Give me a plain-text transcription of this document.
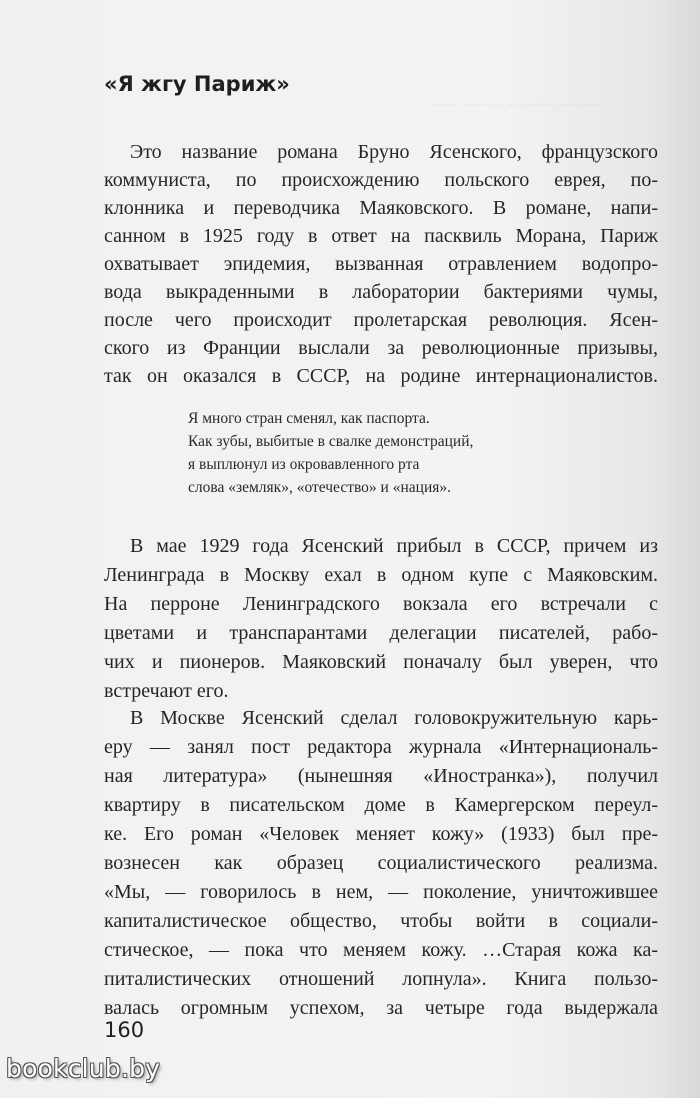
~~~ ~~~~ ~~~~~ ~~~~
«Я жгу Париж»
Это название романа Бруно Ясенского, французского
коммуниста, по происхождению польского еврея, по-
клонника и переводчика Маяковского. В романе, напи-
санном в 1925 году в ответ на пасквиль Морана, Париж
охватывает эпидемия, вызванная отравлением водопро-
вода выкраденными в лаборатории бактериями чумы,
после чего происходит пролетарская революция. Ясен-
ского из Франции выслали за революционные призывы,
так он оказался в СССР, на родине интернационалистов.
Я много стран сменял, как паспорта.
Как зубы, выбитые в свалке демонстраций,
я выплюнул из окровавленного рта
слова «земляк», «отечество» и «нация».
В мае 1929 года Ясенский прибыл в СССР, причем из
Ленинграда в Москву ехал в одном купе с Маяковским.
На перроне Ленинградского вокзала его встречали с
цветами и транспарантами делегации писателей, рабо-
чих и пионеров. Маяковский поначалу был уверен, что
встречают его.
В Москве Ясенский сделал головокружительную карь-
еру — занял пост редактора журнала «Интернациональ-
ная литература» (нынешняя «Иностранка»), получил
квартиру в писательском доме в Камергерском переул-
ке. Его роман «Человек меняет кожу» (1933) был пре-
вознесен как образец социалистического реализма.
«Мы, — говорилось в нем, — поколение, уничтожившее
капиталистическое общество, чтобы войти в социали-
стическое, — пока что меняем кожу. …Старая кожа ка-
питалистических отношений лопнула». Книга пользо-
валась огромным успехом, за четыре года выдержала
160
bookclub.by
